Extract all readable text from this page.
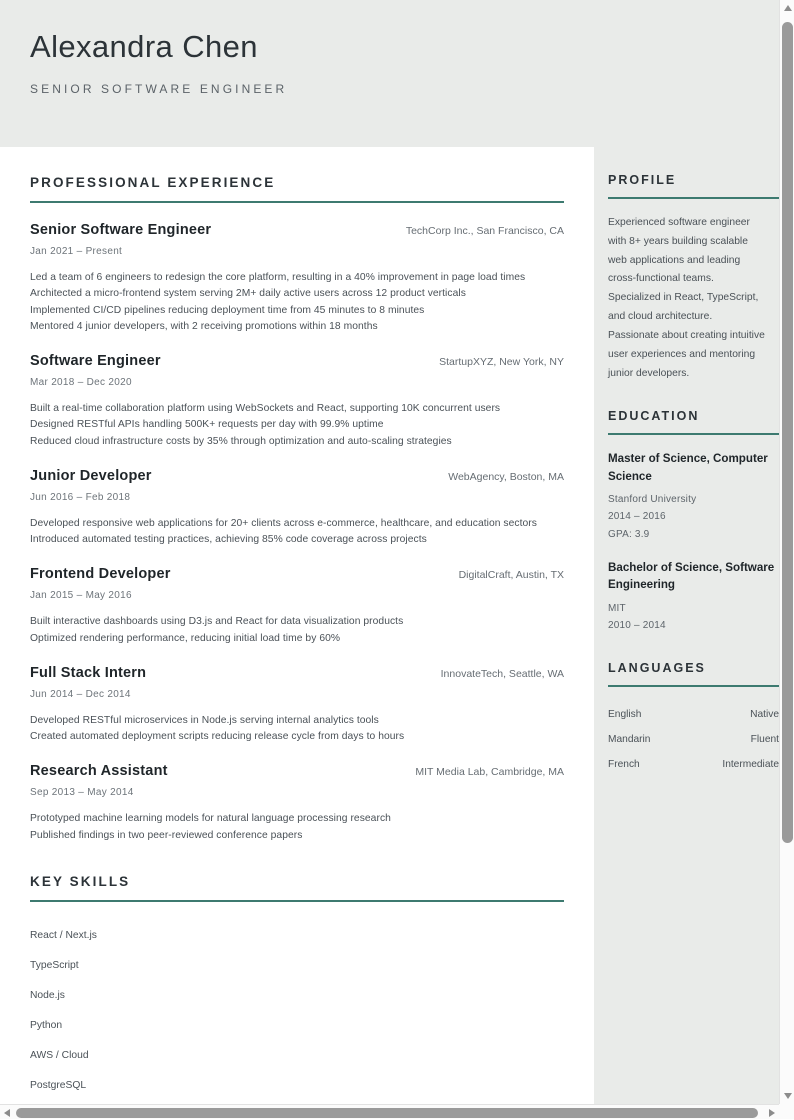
Alexandra Chen
SENIOR SOFTWARE ENGINEER
PROFESSIONAL EXPERIENCE
Senior Software Engineer	TechCorp Inc., San Francisco, CA
Jan 2021 – Present
Led a team of 6 engineers to redesign the core platform, resulting in a 40% improvement in page load times
Architected a micro-frontend system serving 2M+ daily active users across 12 product verticals
Implemented CI/CD pipelines reducing deployment time from 45 minutes to 8 minutes
Mentored 4 junior developers, with 2 receiving promotions within 18 months
Software Engineer	StartupXYZ, New York, NY
Mar 2018 – Dec 2020
Built a real-time collaboration platform using WebSockets and React, supporting 10K concurrent users
Designed RESTful APIs handling 500K+ requests per day with 99.9% uptime
Reduced cloud infrastructure costs by 35% through optimization and auto-scaling strategies
Junior Developer	WebAgency, Boston, MA
Jun 2016 – Feb 2018
Developed responsive web applications for 20+ clients across e-commerce, healthcare, and education sectors
Introduced automated testing practices, achieving 85% code coverage across projects
Frontend Developer	DigitalCraft, Austin, TX
Jan 2015 – May 2016
Built interactive dashboards using D3.js and React for data visualization products
Optimized rendering performance, reducing initial load time by 60%
Full Stack Intern	InnovateTech, Seattle, WA
Jun 2014 – Dec 2014
Developed RESTful microservices in Node.js serving internal analytics tools
Created automated deployment scripts reducing release cycle from days to hours
Research Assistant	MIT Media Lab, Cambridge, MA
Sep 2013 – May 2014
Prototyped machine learning models for natural language processing research
Published findings in two peer-reviewed conference papers
KEY SKILLS
React / Next.js
TypeScript
Node.js
Python
AWS / Cloud
PostgreSQL
PROFILE

Experienced software engineer with 8+ years building scalable web applications and leading cross-functional teams. Specialized in React, TypeScript, and cloud architecture. Passionate about creating intuitive user experiences and mentoring junior developers.

EDUCATION
Master of Science, Computer Science
Stanford University
2014 – 2016
GPA: 3.9
Bachelor of Science, Software Engineering
MIT
2010 – 2014
LANGUAGES
English	Native
Mandarin	Fluent
French	Intermediate
